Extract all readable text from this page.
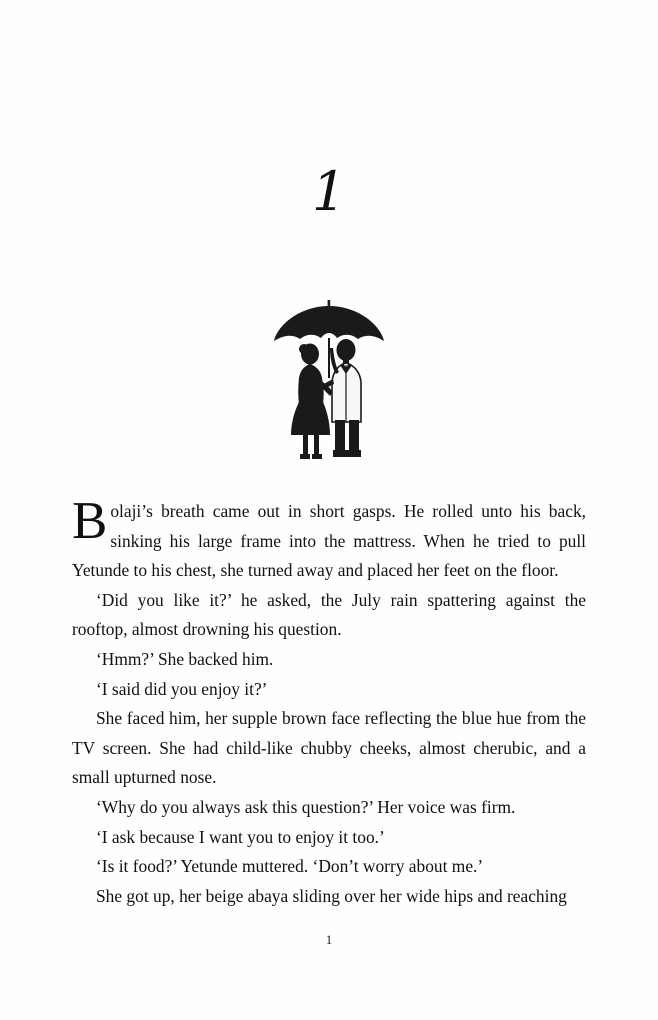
1

Bolaji’s breath came out in short gasps. He rolled unto his back, sinking his large frame into the mattress. When he tried to pull Yetunde to his chest, she turned away and placed her feet on the floor.

‘Did you like it?’ he asked, the July rain spattering against the rooftop, almost drowning his question.

‘Hmm?’ She backed him.

‘I said did you enjoy it?’

She faced him, her supple brown face reflecting the blue hue from the TV screen. She had child-like chubby cheeks, almost cherubic, and a small upturned nose.

‘Why do you always ask this question?’ Her voice was firm.

‘I ask because I want you to enjoy it too.’

‘Is it food?’ Yetunde muttered. ‘Don’t worry about me.’

She got up, her beige abaya sliding over her wide hips and reaching

1
